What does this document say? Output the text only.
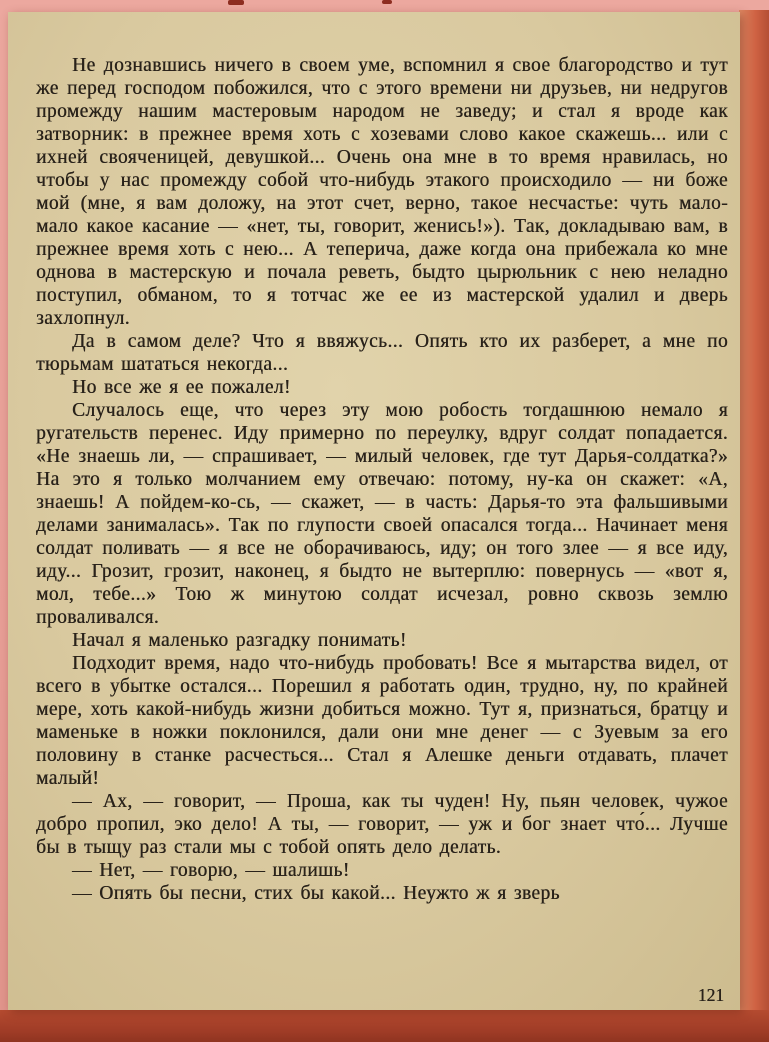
Не дознавшись ничего в своем уме, вспомнил я свое благородство и тут же перед господом побожился, что с этого времени ни друзьев, ни недругов промежду нашим мастеровым народом не заведу; и стал я вроде как затворник: в прежнее время хоть с хозевами слово какое скажешь... или с ихней свояченицей, девушкой... Очень она мне в то время нравилась, но чтобы у нас промежду собой что-нибудь этакого происходило — ни боже мой (мне, я вам доложу, на этот счет, верно, такое несчастье: чуть мало-мало какое касание — «нет, ты, говорит, женись!»). Так, докладываю вам, в прежнее время хоть с нею... А теперича, даже когда она прибежала ко мне однова в мастерскую и почала реветь, быдто цырюльник с нею неладно поступил, обманом, то я тотчас же ее из мастерской удалил и дверь захлопнул.

Да в самом деле? Что я ввяжусь... Опять кто их разберет, а мне по тюрьмам шататься некогда...

Но все же я ее пожалел!

Случалось еще, что через эту мою робость тогдашнюю немало я ругательств перенес. Иду примерно по переулку, вдруг солдат попадается. «Не знаешь ли, — спрашивает, — милый человек, где тут Дарья-солдатка?» На это я только молчанием ему отвечаю: потому, ну-ка он скажет: «А, знаешь! А пойдем-ко-сь, — скажет, — в часть: Дарья-то эта фальшивыми делами занималась». Так по глупости своей опасался тогда... Начинает меня солдат поливать — я все не оборачиваюсь, иду; он того злее — я все иду, иду... Грозит, грозит, наконец, я быдто не вытерплю: повернусь — «вот я, мол, тебе...» Тою ж минутою солдат исчезал, ровно сквозь землю проваливался.

Начал я маленько разгадку понимать!

Подходит время, надо что-нибудь пробовать! Все я мытарства видел, от всего в убытке остался... Порешил я работать один, трудно, ну, по крайней мере, хоть какой-нибудь жизни добиться можно. Тут я, признаться, братцу и маменьке в ножки поклонился, дали они мне денег — с Зуевым за его половину в станке расчесться... Стал я Алешке деньги отдавать, плачет малый!

— Ах, — говорит, — Проша, как ты чуден! Ну, пьян человек, чужое добро пропил, эко дело! А ты, — говорит, — уж и бог знает что́... Лучше бы в тыщу раз стали мы с тобой опять дело делать.

— Нет, — говорю, — шалишь!

— Опять бы песни, стих бы какой... Неужто ж я зверь

121
